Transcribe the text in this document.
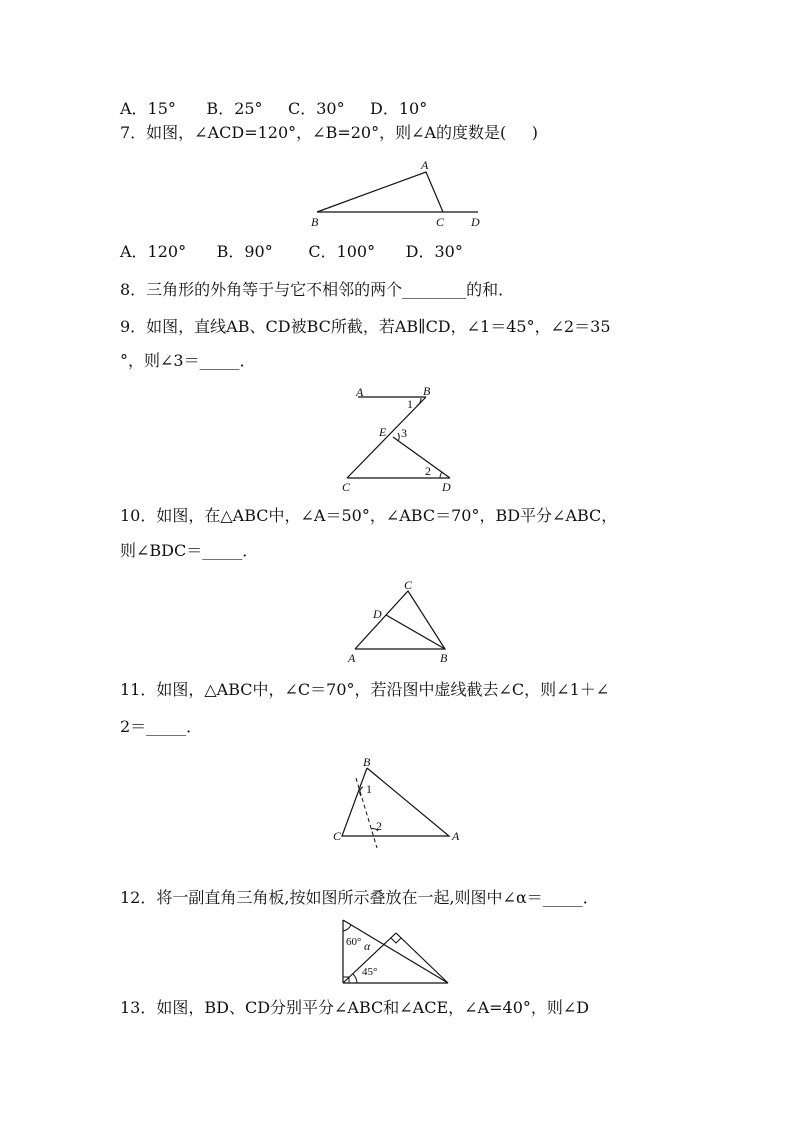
A．15°      B．25°     C．30°     D．10°
7．如图，∠ACD=120°，∠B=20°，则∠A的度数是(     )
A
B	C D
A．120°      B．90°       C．100°      D．30°
8．三角形的外角等于与它不相邻的两个________的和．
9．如图，直线AB、CD被BC所截，若AB∥CD，∠1＝45°，∠2＝35
°，则∠3＝_____．
A	B
C	D
E
1
2
3
10．如图，在△ABC中，∠A＝50°，∠ABC＝70°，BD平分∠ABC，
则∠BDC＝_____．
C
D
A	B
11．如图，△ABC中，∠C＝70°，若沿图中虚线截去∠C，则∠1＋∠
2＝_____．
B
C	A
1
2
12．将一副直角三角板,按如图所示叠放在一起,则图中∠α＝_____．
60° α
45°
13．如图，BD、CD分别平分∠ABC和∠ACE，∠A=40°，则∠D
